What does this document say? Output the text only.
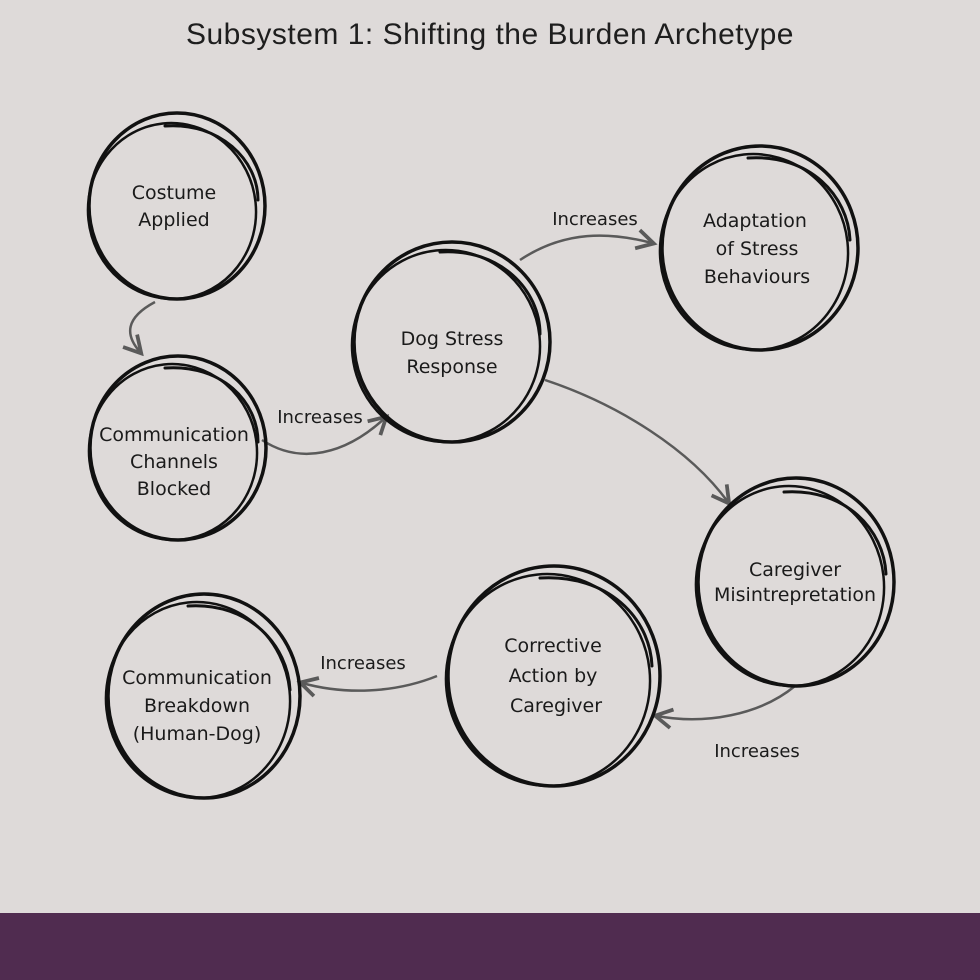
Subsystem 1: Shifting the Burden Archetype
Increases
Increases
Increases
Increases
Costume
Applied
Communication
Channels
Blocked
Dog Stress
Response
Adaptation
of Stress
Behaviours
Caregiver
Misintrepretation
Corrective
Action by
Caregiver
Communication
Breakdown
(Human-Dog)
